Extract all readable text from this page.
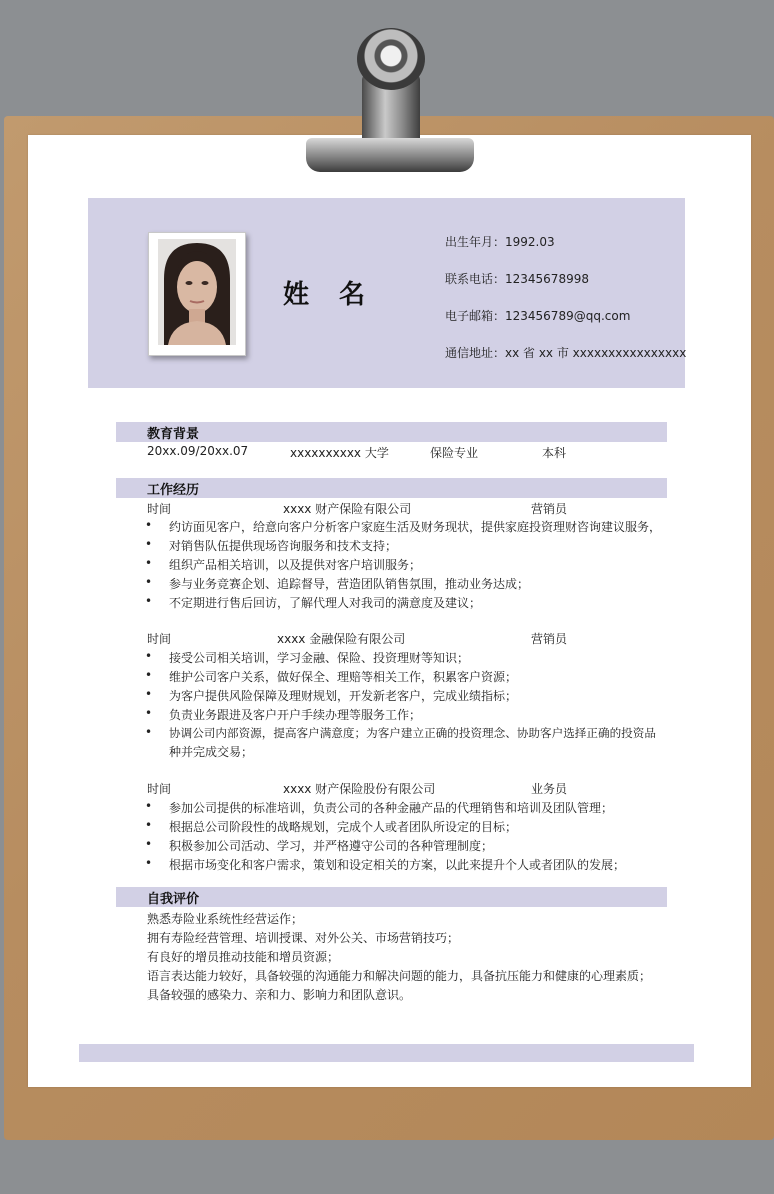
姓名
出生年月：1992.03
联系电话：12345678998
电子邮箱：123456789@qq.com
通信地址：xx 省 xx 市 xxxxxxxxxxxxxxxx
教育背景
20xx.09/20xx.07	xxxxxxxxxx 大学	保险专业	本科
工作经历
时间	xxxx 财产保险有限公司	营销员
• 约访面见客户，给意向客户分析客户家庭生活及财务现状，提供家庭投资理财咨询建议服务，
• 对销售队伍提供现场咨询服务和技术支持；
• 组织产品相关培训，以及提供对客户培训服务；
• 参与业务竞赛企划、追踪督导，营造团队销售氛围，推动业务达成；
• 不定期进行售后回访，了解代理人对我司的满意度及建议；
时间	xxxx 金融保险有限公司	营销员
• 接受公司相关培训，学习金融、保险、投资理财等知识；
• 维护公司客户关系，做好保全、理赔等相关工作，积累客户资源；
• 为客户提供风险保障及理财规划，开发新老客户，完成业绩指标；
• 负责业务跟进及客户开户手续办理等服务工作；
• 协调公司内部资源，提高客户满意度；为客户建立正确的投资理念、协助客户选择正确的投资品
种并完成交易；
时间	xxxx 财产保险股份有限公司	业务员
• 参加公司提供的标准培训，负责公司的各种金融产品的代理销售和培训及团队管理；
• 根据总公司阶段性的战略规划，完成个人或者团队所设定的目标；
• 积极参加公司活动、学习，并严格遵守公司的各种管理制度；
• 根据市场变化和客户需求，策划和设定相关的方案，以此来提升个人或者团队的发展；
自我评价
熟悉寿险业系统性经营运作；
拥有寿险经营管理、培训授课、对外公关、市场营销技巧；
有良好的增员推动技能和增员资源；
语言表达能力较好，具备较强的沟通能力和解决问题的能力，具备抗压能力和健康的心理素质；
具备较强的感染力、亲和力、影响力和团队意识。
